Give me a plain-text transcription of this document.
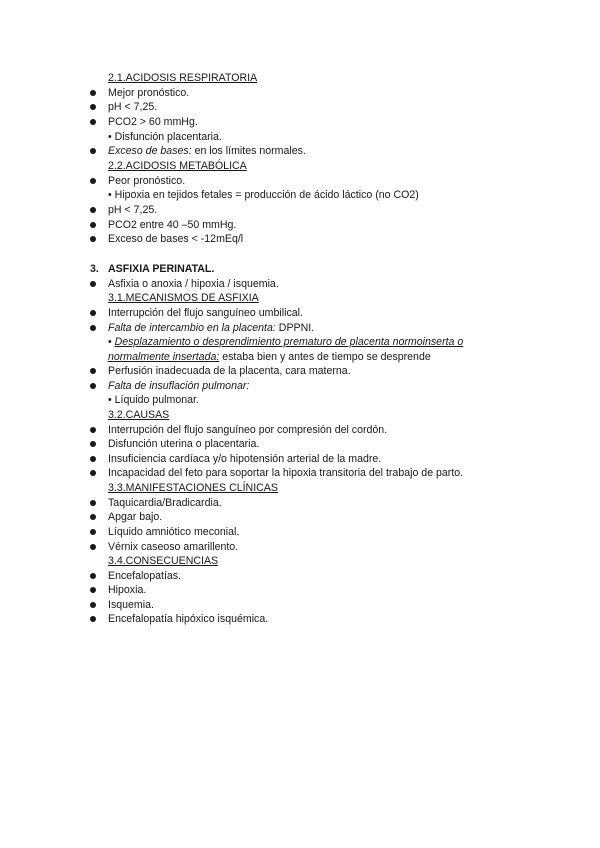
2.1.ACIDOSIS RESPIRATORIA
Mejor pronóstico.
pH < 7,25.
PCO2 > 60 mmHg.
• Disfunción placentaria.
Exceso de bases: en los límites normales.
2.2.ACIDOSIS METABÓLICA
Peor pronóstico.
• Hipoxia en tejidos fetales = producción de ácido láctico (no CO2)
pH < 7,25.
PCO2 entre 40 –50 mmHg.
Exceso de bases < -12mEq/l
3. ASFIXIA PERINATAL.
Asfixia o anoxia / hipoxia / isquemia.
3.1.MECANISMOS DE ASFIXIA
Interrupción del flujo sanguíneo umbilical.
Falta de intercambio en la placenta: DPPNI.
• Desplazamiento o desprendimiento prematuro de placenta normoinserta o
normalmente insertada: estaba bien y antes de tiempo se desprende
Perfusión inadecuada de la placenta, cara materna.
Falta de insuflación pulmonar:
• Líquido pulmonar.
3.2.CAUSAS
Interrupción del flujo sanguíneo por compresión del cordón.
Disfunción uterina o placentaria.
Insuficiencia cardíaca y/o hipotensión arterial de la madre.
Incapacidad del feto para soportar la hipoxia transitoria del trabajo de parto.
3.3.MANIFESTACIONES CLÍNICAS
Taquicardia/Bradicardia.
Apgar bajo.
Líquido amniótico meconial.
Vérnix caseoso amarillento.
3.4.CONSECUENCIAS
Encefalopatías.
Hipoxia.
Isquemia.
Encefalopatía hipóxico isquémica.
